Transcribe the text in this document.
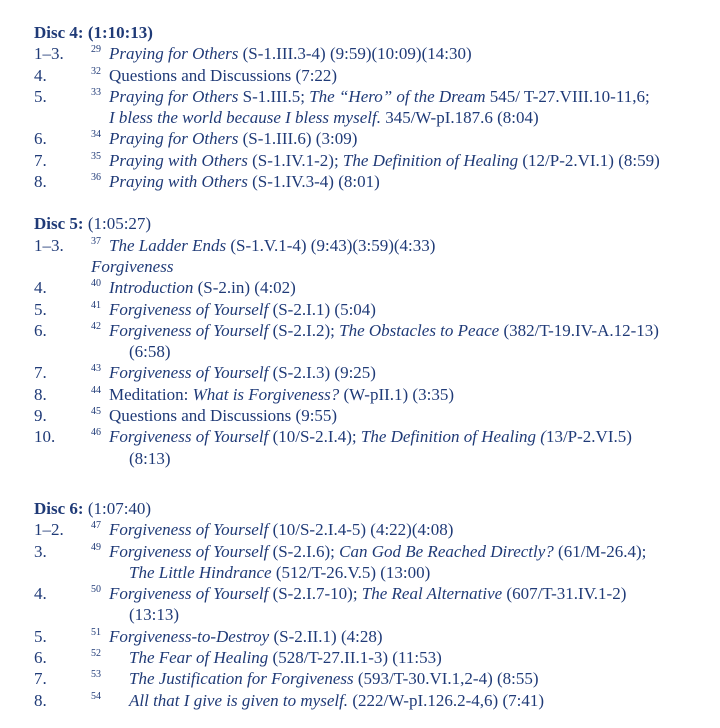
Disc 4: (1:10:13)
1–3.	29 Praying for Others (S-1.III.3-4) (9:59)(10:09)(14:30)
4.	32 Questions and Discussions (7:22)
5.	33 Praying for Others S-1.III.5; The “Hero” of the Dream 545/ T-27.VIII.10-11,6;
I bless the world because I bless myself. 345/W-pI.187.6 (8:04)
6.	34 Praying for Others (S-1.III.6) (3:09)
7.	35 Praying with Others (S-1.IV.1-2); The Definition of Healing (12/P-2.VI.1) (8:59)
8.	36 Praying with Others (S-1.IV.3-4) (8:01)
Disc 5: (1:05:27)
1–3.	37 The Ladder Ends (S-1.V.1-4) (9:43)(3:59)(4:33)
Forgiveness
4.	40 Introduction (S-2.in) (4:02)
5.	41 Forgiveness of Yourself (S-2.I.1) (5:04)
6.	42 Forgiveness of Yourself (S-2.I.2); The Obstacles to Peace (382/T-19.IV-A.12-13)
(6:58)
7.	43 Forgiveness of Yourself (S-2.I.3) (9:25)
8.	44 Meditation: What is Forgiveness? (W-pII.1) (3:35)
9.	45 Questions and Discussions (9:55)
10.	46 Forgiveness of Yourself (10/S-2.I.4); The Definition of Healing (13/P-2.VI.5)
(8:13)
Disc 6: (1:07:40)
1–2.	47 Forgiveness of Yourself (10/S-2.I.4-5) (4:22)(4:08)
3.	49 Forgiveness of Yourself (S-2.I.6); Can God Be Reached Directly? (61/M-26.4);
The Little Hindrance (512/T-26.V.5) (13:00)
4.	50 Forgiveness of Yourself (S-2.I.7-10); The Real Alternative (607/T-31.IV.1-2)
(13:13)
5.	51 Forgiveness-to-Destroy (S-2.II.1) (4:28)
6.	52	The Fear of Healing (528/T-27.II.1-3) (11:53)
7.	53	The Justification for Forgiveness (593/T-30.VI.1,2-4) (8:55)
8.	54	All that I give is given to myself. (222/W-pI.126.2-4,6) (7:41)
